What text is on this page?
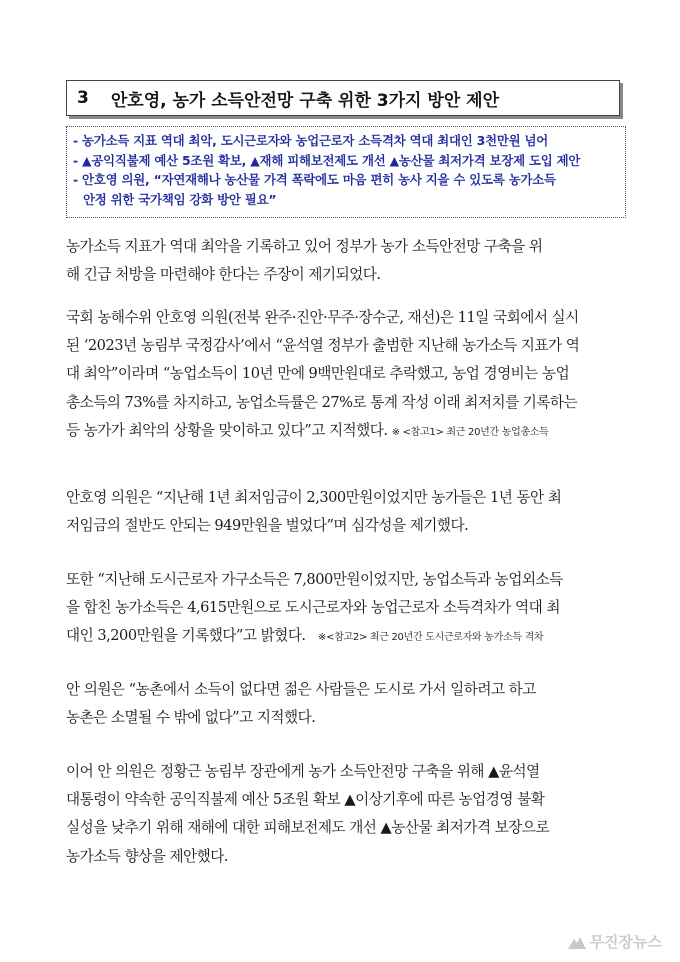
3 안호영, 농가 소득안전망 구축 위한 3가지 방안 제안
- 농가소득 지표 역대 최악, 도시근로자와 농업근로자 소득격차 역대 최대인 3천만원 넘어
- ▲공익직불제 예산 5조원 확보, ▲재해 피해보전제도 개선 ▲농산물 최저가격 보장제 도입 제안
- 안호영 의원, “자연재해나 농산물 가격 폭락에도 마음 편히 농사 지을 수 있도록 농가소득
안정 위한 국가책임 강화 방안 필요”
농가소득 지표가 역대 최악을 기록하고 있어 정부가 농가 소득안전망 구축을 위
해 긴급 처방을 마련해야 한다는 주장이 제기되었다.
국회 농해수위 안호영 의원(전북 완주·진안·무주·장수군, 재선)은 11일 국회에서 실시
된 ‘2023년 농림부 국정감사’에서 “윤석열 정부가 출범한 지난해 농가소득 지표가 역
대 최악”이라며 “농업소득이 10년 만에 9백만원대로 추락했고, 농업 경영비는 농업
총소득의 73%를 차지하고, 농업소득률은 27%로 통계 작성 이래 최저치를 기록하는
등 농가가 최악의 상황을 맞이하고 있다”고 지적했다. ※ <참고1> 최근 20년간 농업총소득
안호영 의원은 “지난해 1년 최저임금이 2,300만원이었지만 농가들은 1년 동안 최
저임금의 절반도 안되는 949만원을 벌었다”며 심각성을 제기했다.
또한 “지난해 도시근로자 가구소득은 7,800만원이었지만, 농업소득과 농업외소득
을 합친 농가소득은 4,615만원으로 도시근로자와 농업근로자 소득격차가 역대 최
대인 3,200만원을 기록했다”고 밝혔다. ※<참고2> 최근 20년간 도시근로자와 농가소득 격차
안 의원은 “농촌에서 소득이 없다면 젊은 사람들은 도시로 가서 일하려고 하고
농촌은 소멸될 수 밖에 없다”고 지적했다.
이어 안 의원은 정황근 농림부 장관에게 농가 소득안전망 구축을 위해 ▲윤석열
대통령이 약속한 공익직불제 예산 5조원 확보 ▲이상기후에 따른 농업경영 불확
실성을 낮추기 위해 재해에 대한 피해보전제도 개선 ▲농산물 최저가격 보장으로
농가소득 향상을 제안했다.
무진장뉴스
